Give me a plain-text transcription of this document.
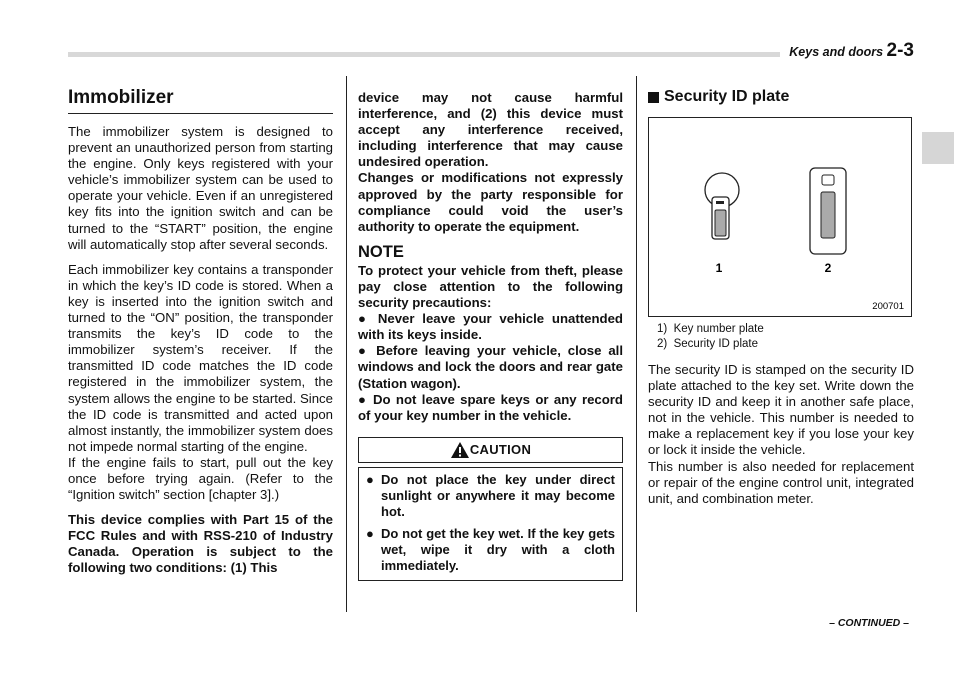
Keys and doors 2-3
Immobilizer

The immobilizer system is designed to prevent an unauthorized person from starting the engine. Only keys registered with your vehicle’s immobilizer system can be used to operate your vehicle. Even if an unregistered key fits into the ignition switch and can be turned to the “START” position, the engine will automatically stop after several seconds.

Each immobilizer key contains a transponder in which the key’s ID code is stored. When a key is inserted into the ignition switch and turned to the “ON” position, the transponder transmits the key’s ID code to the immobilizer system’s receiver. If the transmitted ID code matches the ID code registered in the immobilizer system, the system allows the engine to be started. Since the ID code is transmitted and acted upon almost instantly, the immobilizer system does not impede normal starting of the engine.

If the engine fails to start, pull out the key once before trying again. (Refer to the “Ignition switch” section [chapter 3].)

This device complies with Part 15 of the FCC Rules and with RSS-210 of Industry Canada. Operation is subject to the following two conditions: (1) This

device may not cause harmful interference, and (2) this device must accept any interference received, including interference that may cause undesired operation.

Changes or modifications not expressly approved by the party responsible for compliance could void the user’s authority to operate the equipment.

NOTE

To protect your vehicle from theft, please pay close attention to the following security precautions:

● Never leave your vehicle unattended with its keys inside.

● Before leaving your vehicle, close all windows and lock the doors and rear gate (Station wagon).

● Do not leave spare keys or any record of your key number in the vehicle.

CAUTION
● Do not place the key under direct sunlight or anywhere it may become hot.
● Do not get the key wet. If the key gets wet, wipe it dry with a cloth immediately.
Security ID plate
1	2
200701
1)  Key number plate
2)  Security ID plate

The security ID is stamped on the security ID plate attached to the key set. Write down the security ID and keep it in another safe place, not in the vehicle. This number is needed to make a replacement key if you lose your key or lock it inside the vehicle.

This number is also needed for replacement or repair of the engine control unit, integrated unit, and combination meter.

– CONTINUED –
